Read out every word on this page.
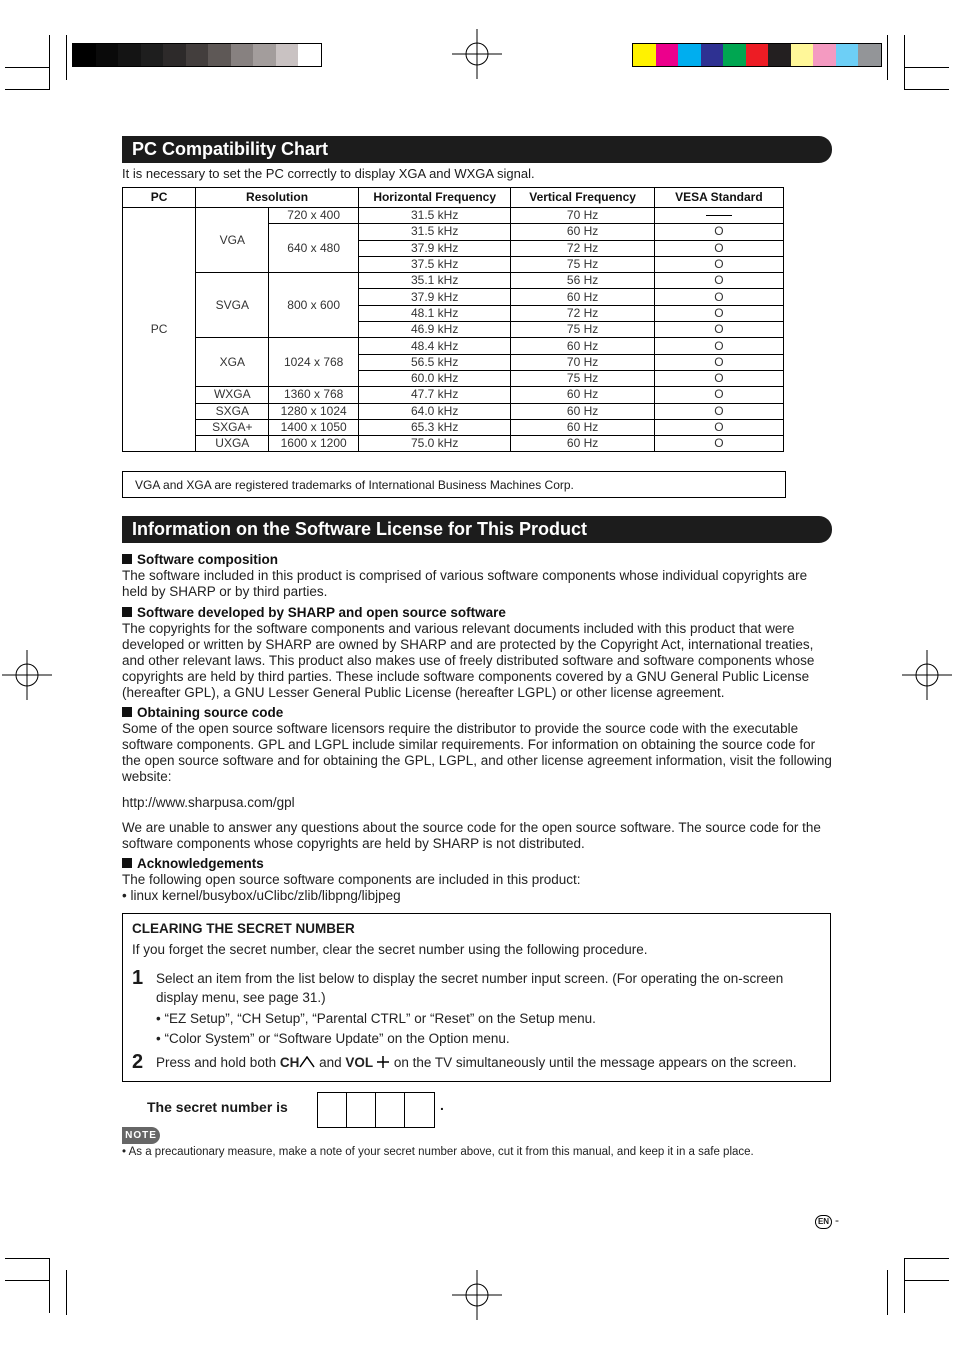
PC Compatibility Chart
It is necessary to set the PC correctly to display XGA and WXGA signal.
PC	Resolution		Horizontal Frequency	Vertical Frequency	VESA Standard
PC	VGA	720 x 400	31.5 kHz	70 Hz	
		640 x 480	31.5 kHz	60 Hz	O
			37.9 kHz	72 Hz	O
			37.5 kHz	75 Hz	O
	SVGA	800 x 600	35.1 kHz	56 Hz	O
			37.9 kHz	60 Hz	O
			48.1 kHz	72 Hz	O
			46.9 kHz	75 Hz	O
	XGA	1024 x 768	48.4 kHz	60 Hz	O
			56.5 kHz	70 Hz	O
			60.0 kHz	75 Hz	O
	WXGA	1360 x 768	47.7 kHz	60 Hz	O
	SXGA	1280 x 1024	64.0 kHz	60 Hz	O
	SXGA+	1400 x 1050	65.3 kHz	60 Hz	O
	UXGA	1600 x 1200	75.0 kHz	60 Hz	O
VGA and XGA are registered trademarks of International Business Machines Corp.
Information on the Software License for This Product
Software composition
The software included in this product is comprised of various software components whose individual copyrights are held by SHARP or by third parties.
Software developed by SHARP and open source software
The copyrights for the software components and various relevant documents included with this product that were developed or written by SHARP are owned by SHARP and are protected by the Copyright Act, international treaties, and other relevant laws. This product also makes use of freely distributed software and software components whose copyrights are held by third parties. These include software components covered by a GNU General Public License (hereafter GPL), a GNU Lesser General Public License (hereafter LGPL) or other license agreement.
Obtaining source code
Some of the open source software licensors require the distributor to provide the source code with the executable software components. GPL and LGPL include similar requirements. For information on obtaining the source code for the open source software and for obtaining the GPL, LGPL, and other license agreement information, visit the following website:
http://www.sharpusa.com/gpl
We are unable to answer any questions about the source code for the open source software. The source code for the software components whose copyrights are held by SHARP is not distributed.
Acknowledgements
The following open source software components are included in this product:
• linux kernel/busybox/uClibc/zlib/libpng/libjpeg
CLEARING THE SECRET NUMBER
If you forget the secret number, clear the secret number using the following procedure.
1 Select an item from the list below to display the secret number input screen. (For operating the on-screen
display menu, see page 31.)
• “EZ Setup”, “CH Setup”, “Parental CTRL” or “Reset” on the Setup menu.
• “Color System” or “Software Update” on the Option menu.
2 Press and hold both CH and VOL on the TV simultaneously until the message appears on the screen.
The secret number is	.
NOTE
• As a precautionary measure, make a note of your secret number above, cut it from this manual, and keep it in a safe place.
EN -
